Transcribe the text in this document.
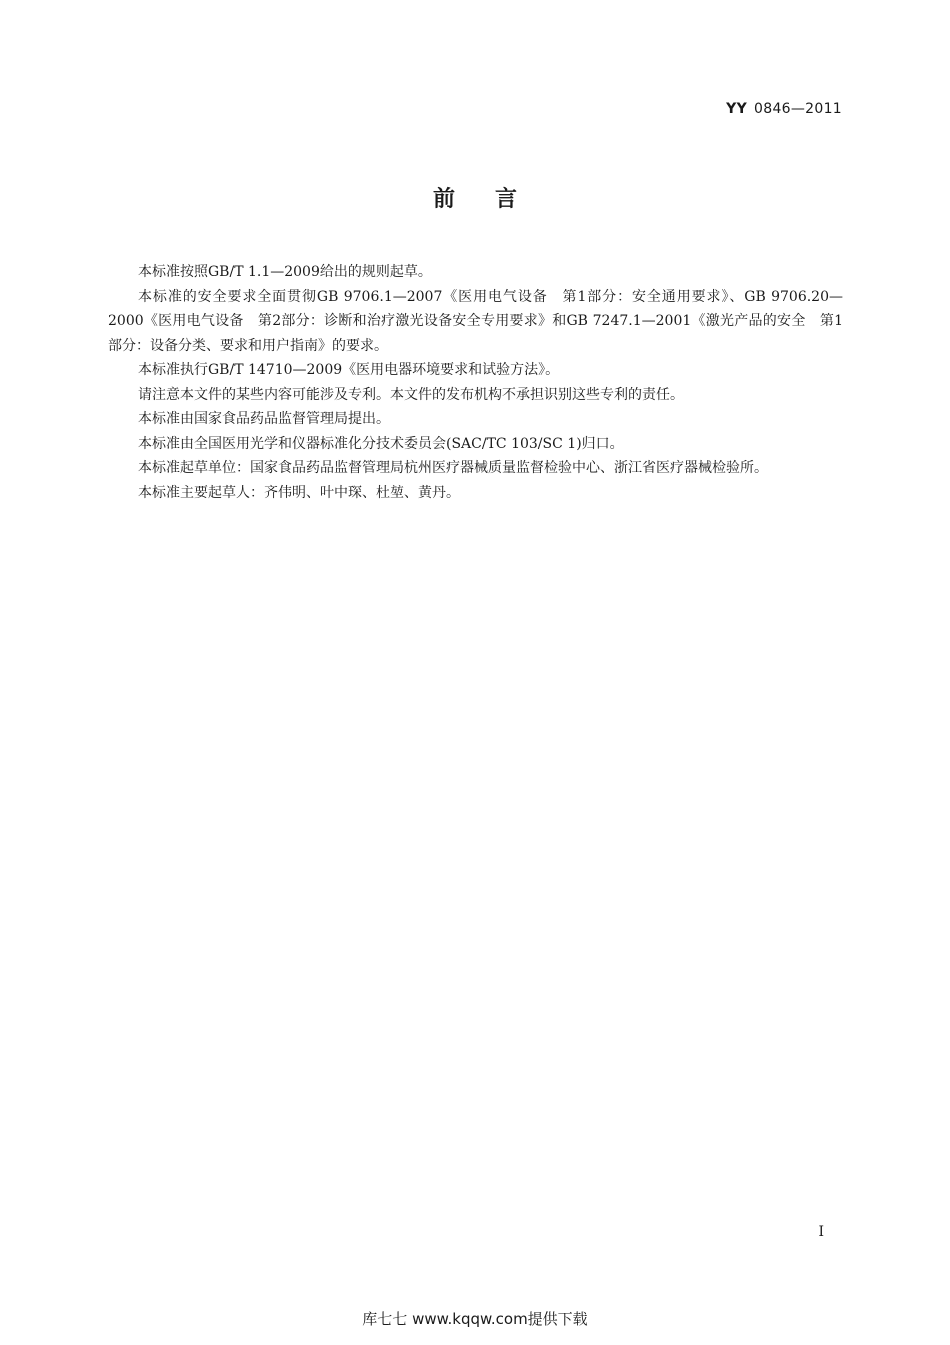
YY 0846—2011
前言

本标准按照GB/T 1.1—2009给出的规则起草。

本标准的安全要求全面贯彻GB 9706.1—2007《医用电气设备　第1部分：安全通用要求》、GB 9706.20—2000《医用电气设备　第2部分：诊断和治疗激光设备安全专用要求》和GB 7247.1—2001《激光产品的安全　第1部分：设备分类、要求和用户指南》的要求。

本标准执行GB/T 14710—2009《医用电器环境要求和试验方法》。

请注意本文件的某些内容可能涉及专利。本文件的发布机构不承担识别这些专利的责任。

本标准由国家食品药品监督管理局提出。

本标准由全国医用光学和仪器标准化分技术委员会(SAC/TC 103/SC 1)归口。

本标准起草单位：国家食品药品监督管理局杭州医疗器械质量监督检验中心、浙江省医疗器械检验所。

本标准主要起草人：齐伟明、叶中琛、杜堃、黄丹。

I
库七七 www.kqqw.com提供下载
